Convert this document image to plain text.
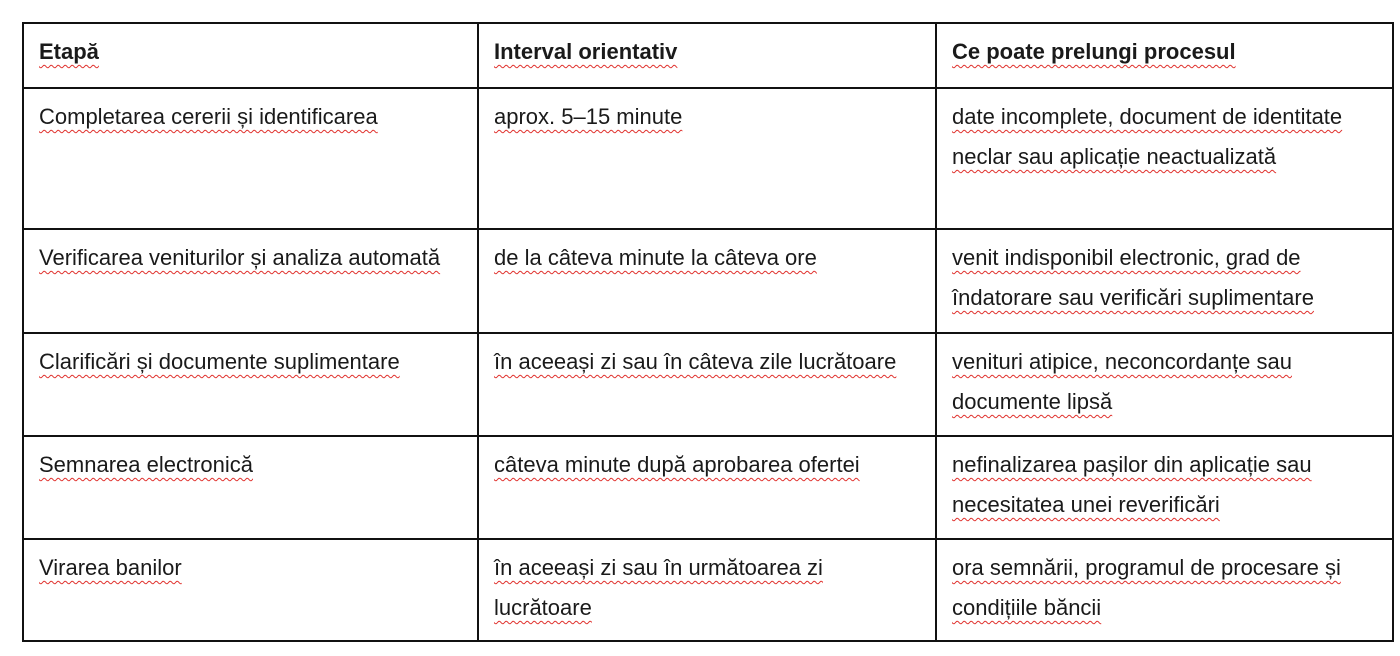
Etapă	Interval orientativ	Ce poate prelungi procesul
Completarea cererii și identificarea	aprox. 5–15 minute	date incomplete, document de identitate neclar sau aplicație neactualizată
Verificarea veniturilor și analiza automată	de la câteva minute la câteva ore	venit indisponibil electronic, grad de îndatorare sau verificări suplimentare
Clarificări și documente suplimentare	în aceeași zi sau în câteva zile lucrătoare	venituri atipice, neconcordanțe sau documente lipsă
Semnarea electronică	câteva minute după aprobarea ofertei	nefinalizarea pașilor din aplicație sau necesitatea unei reverificări
Virarea banilor	în aceeași zi sau în următoarea zi lucrătoare	ora semnării, programul de procesare și condițiile băncii
